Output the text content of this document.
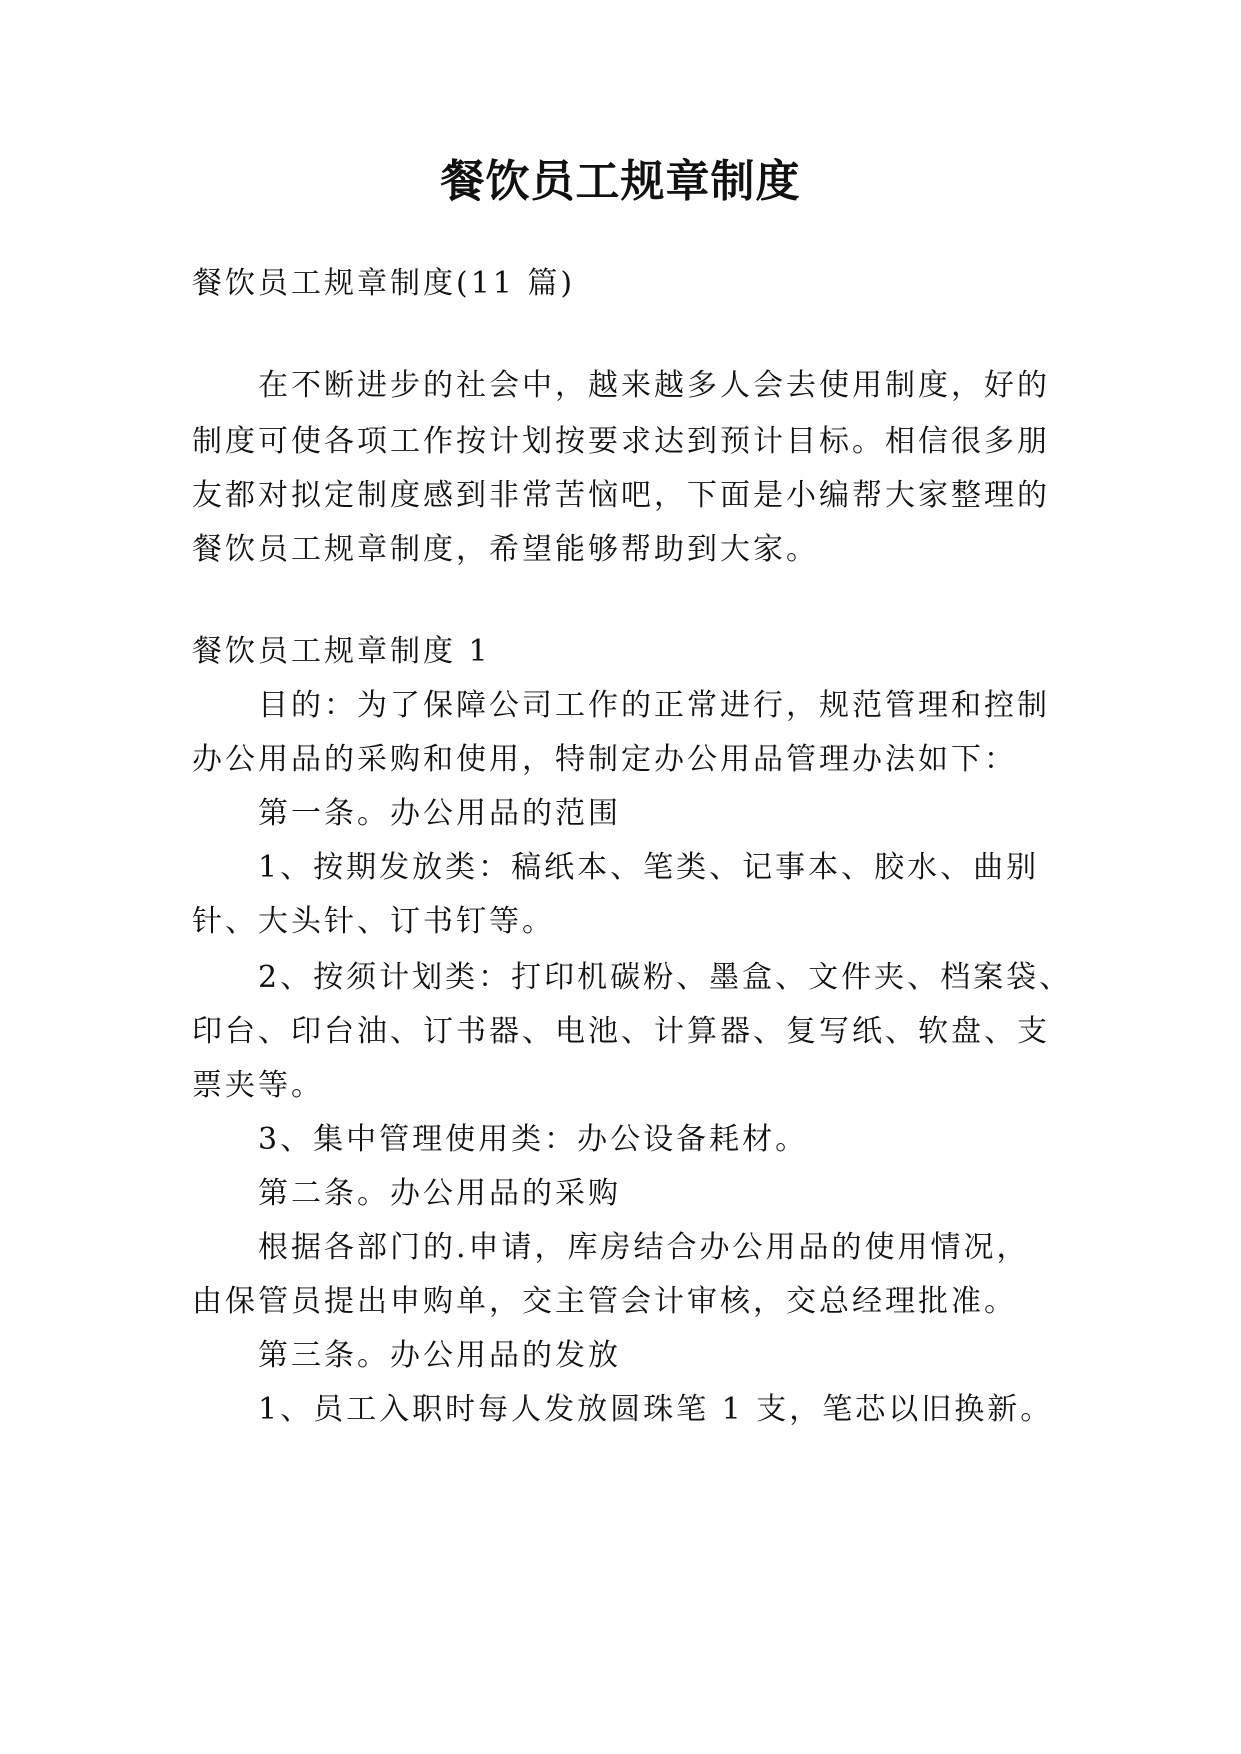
餐饮员工规章制度
餐饮员工规章制度(11 篇)
在不断进步的社会中，越来越多人会去使用制度，好的
制度可使各项工作按计划按要求达到预计目标。相信很多朋
友都对拟定制度感到非常苦恼吧，下面是小编帮大家整理的
餐饮员工规章制度，希望能够帮助到大家。
餐饮员工规章制度 1
目的：为了保障公司工作的正常进行，规范管理和控制
办公用品的采购和使用，特制定办公用品管理办法如下：
第一条。办公用品的范围
1、按期发放类：稿纸本、笔类、记事本、胶水、曲别
针、大头针、订书钉等。
2、按须计划类：打印机碳粉、墨盒、文件夹、档案袋、
印台、印台油、订书器、电池、计算器、复写纸、软盘、支
票夹等。
3、集中管理使用类：办公设备耗材。
第二条。办公用品的采购
根据各部门的.申请，库房结合办公用品的使用情况，
由保管员提出申购单，交主管会计审核，交总经理批准。
第三条。办公用品的发放
1、员工入职时每人发放圆珠笔 1 支，笔芯以旧换新。
